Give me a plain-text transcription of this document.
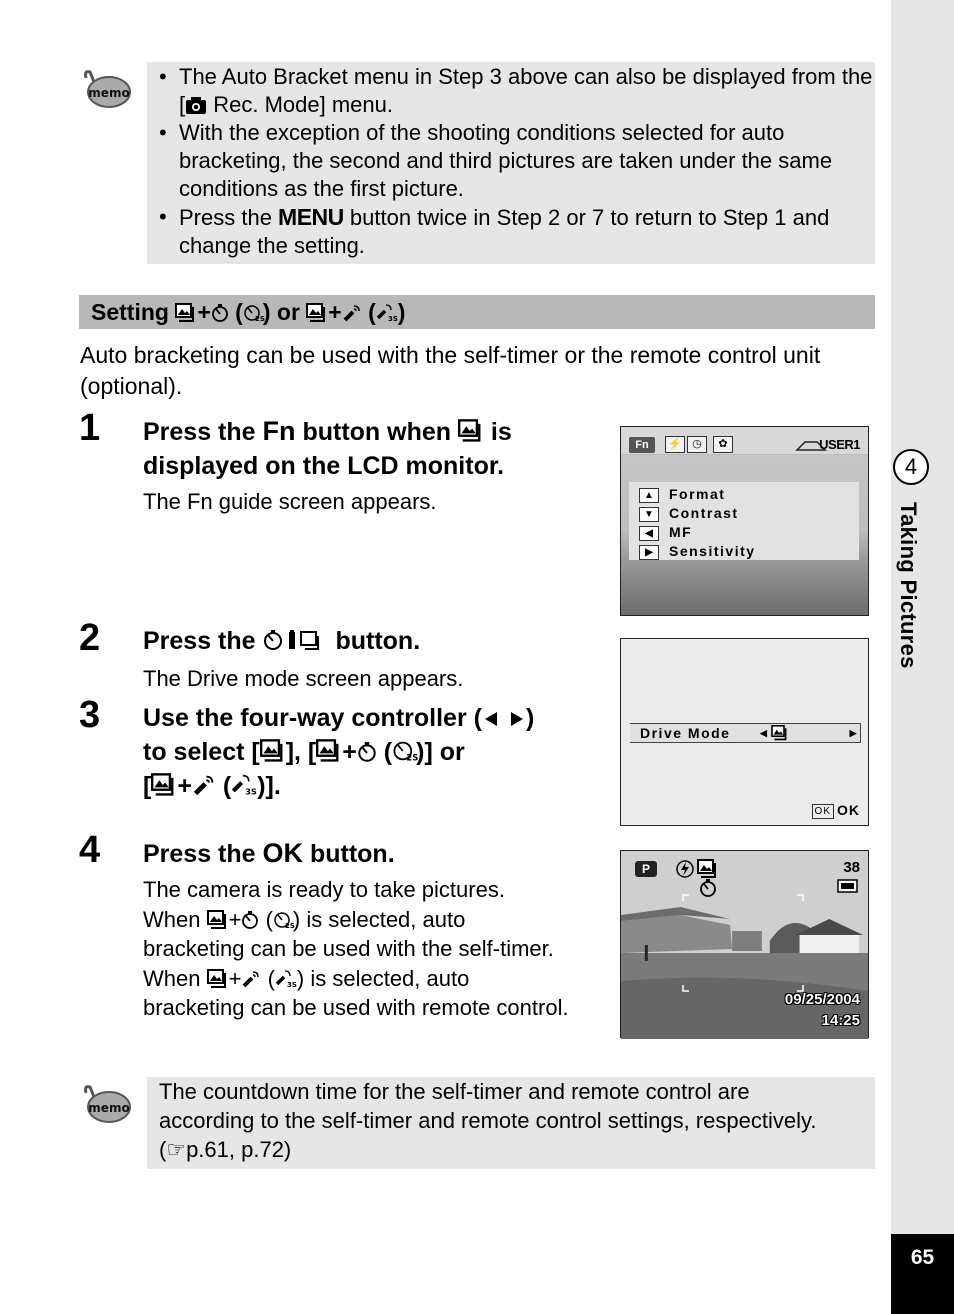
4
Taking Pictures
65
memo
• The Auto Bracket menu in Step 3 above can also be displayed from the [ Rec. Mode] menu.
• With the exception of the shooting conditions selected for auto bracketing, the second and third pictures are taken under the same conditions as the first picture.
• Press the MENU button twice in Step 2 or 7 to return to Step 1 and change the setting.
Setting + ( 2S
) or + ( 3S )
Auto bracketing can be used with the self-timer or the remote control unit (optional).
1 Press the Fn button when  is
displayed on the LCD monitor.
The Fn guide screen appears.
2 Press the	button.
The Drive mode screen appears.
3 Use the four-way controller ( )
to select [ ], [ + ( 2S
)] or
[ + ( 3S )].
4 Press the OK button.
The camera is ready to take pictures.
When + ( 2S
) is selected, auto
bracketing can be used with the self-timer.
When + ( 3S ) is selected, auto
bracketing can be used with remote control.
Fn	⚡ ◷	✿	USER1
▲ Format
▼ Contrast
◀ MF
▶ Sensitivity
Drive Mode	◀	▶
OK OK
P	38
09/25/2004
14:25
memo
The countdown time for the self-timer and remote control are
according to the self-timer and remote control settings, respectively.
(☞p.61, p.72)
